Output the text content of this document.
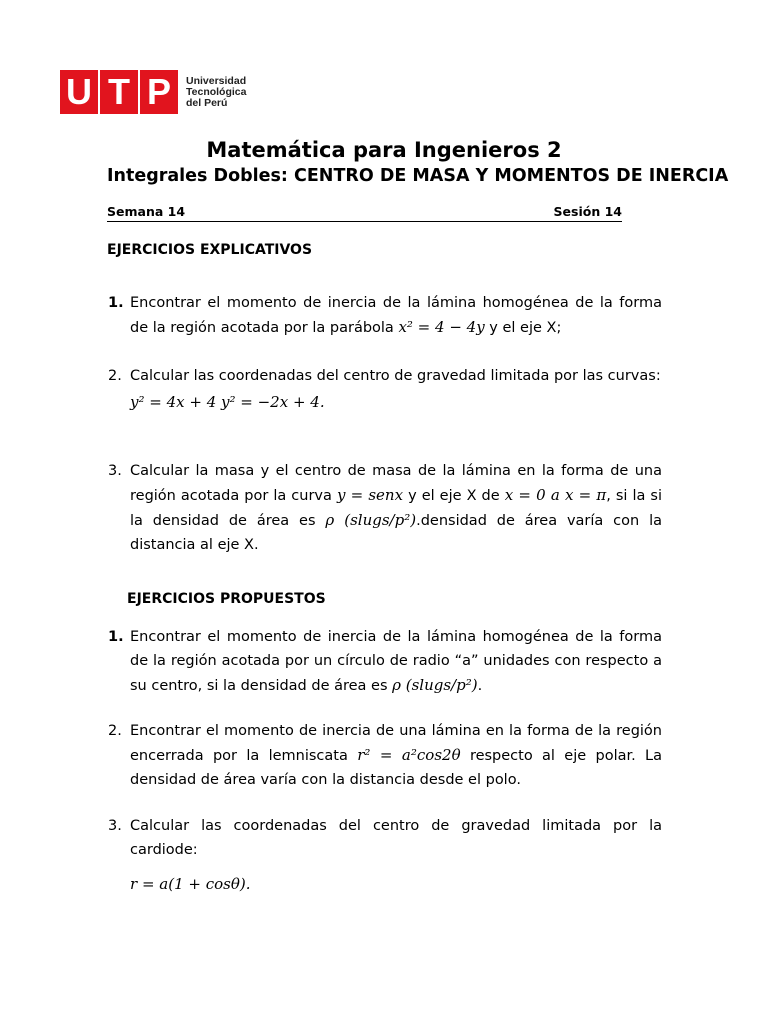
U T P	Universidad
Tecnológica
del Perú
Matemática para Ingenieros 2
Integrales Dobles: CENTRO DE MASA Y MOMENTOS DE INERCIA
Semana 14	Sesión 14
EJERCICIOS EXPLICATIVOS
1. Encontrar el momento de inercia de la lámina homogénea de la forma de la región acotada por la parábola x² = 4 − 4y y el eje X;
2. Calcular las coordenadas del centro de gravedad limitada por las curvas:
y² = 4x + 4 y² = −2x + 4.
3. Calcular la masa y el centro de masa de la lámina en la forma de una región acotada por la curva y = senx y el eje X de x = 0 a x = π, si la si la densidad de área es ρ (slugs/p²).densidad de área varía con la distancia al eje X.
EJERCICIOS PROPUESTOS
1. Encontrar el momento de inercia de la lámina homogénea de la forma de la región acotada por un círculo de radio “a” unidades con respecto a su centro, si la densidad de área es ρ (slugs/p²).
2. Encontrar el momento de inercia de una lámina en la forma de la región encerrada por la lemniscata r² = a²cos2θ respecto al eje polar. La densidad de área varía con la distancia desde el polo.
3. Calcular las coordenadas del centro de gravedad limitada por la cardiode:
r = a(1 + cosθ).
